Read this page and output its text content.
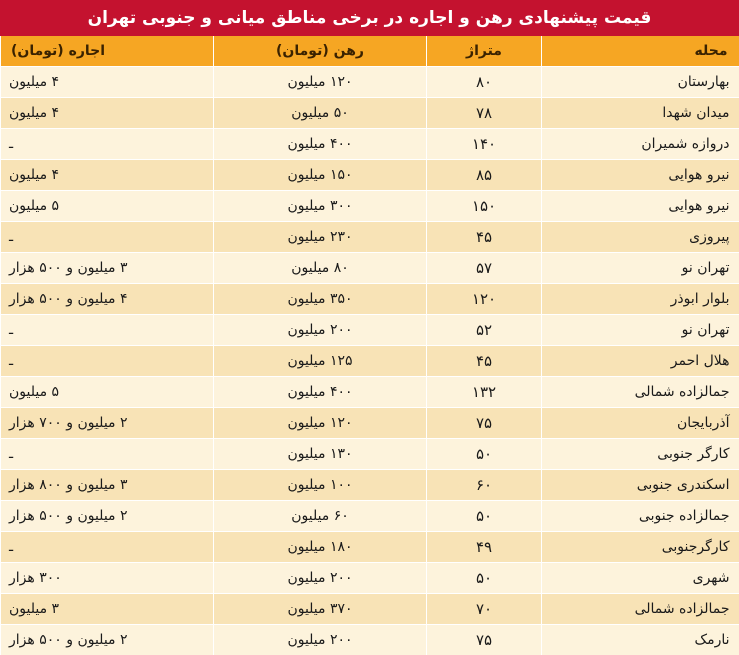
قیمت پیشنهادی رهن و اجاره در برخی مناطق میانی و جنوبی تهران
محله	متراژ	رهن (تومان)	اجاره (تومان)
بهارستان	۸۰	۱۲۰ میلیون	۴ میلیون
میدان شهدا	۷۸	۵۰ میلیون	۴ میلیون
دروازه شمیران	۱۴۰	۴۰۰ میلیون	ـ
نیرو هوایی	۸۵	۱۵۰ میلیون	۴ میلیون
نیرو هوایی	۱۵۰	۳۰۰ میلیون	۵ میلیون
پیروزی	۴۵	۲۳۰ میلیون	ـ
تهران نو	۵۷	۸۰ میلیون	۳ میلیون و ۵۰۰ هزار
بلوار ابوذر	۱۲۰	۳۵۰ میلیون	۴ میلیون و ۵۰۰ هزار
تهران نو	۵۲	۲۰۰ میلیون	ـ
هلال احمر	۴۵	۱۲۵ میلیون	ـ
جمالزاده شمالی	۱۳۲	۴۰۰ میلیون	۵ میلیون
آذربایجان	۷۵	۱۲۰ میلیون	۲ میلیون و ۷۰۰ هزار
کارگر جنوبی	۵۰	۱۳۰ میلیون	ـ
اسکندری جنوبی	۶۰	۱۰۰ میلیون	۳ میلیون و ۸۰۰ هزار
جمالزاده جنوبی	۵۰	۶۰ میلیون	۲ میلیون و ۵۰۰ هزار
کارگرجنوبی	۴۹	۱۸۰ میلیون	ـ
شهری	۵۰	۲۰۰ میلیون	۳۰۰ هزار
جمالزاده شمالی	۷۰	۳۷۰ میلیون	۳ میلیون
نارمک	۷۵	۲۰۰ میلیون	۲ میلیون و ۵۰۰ هزار
